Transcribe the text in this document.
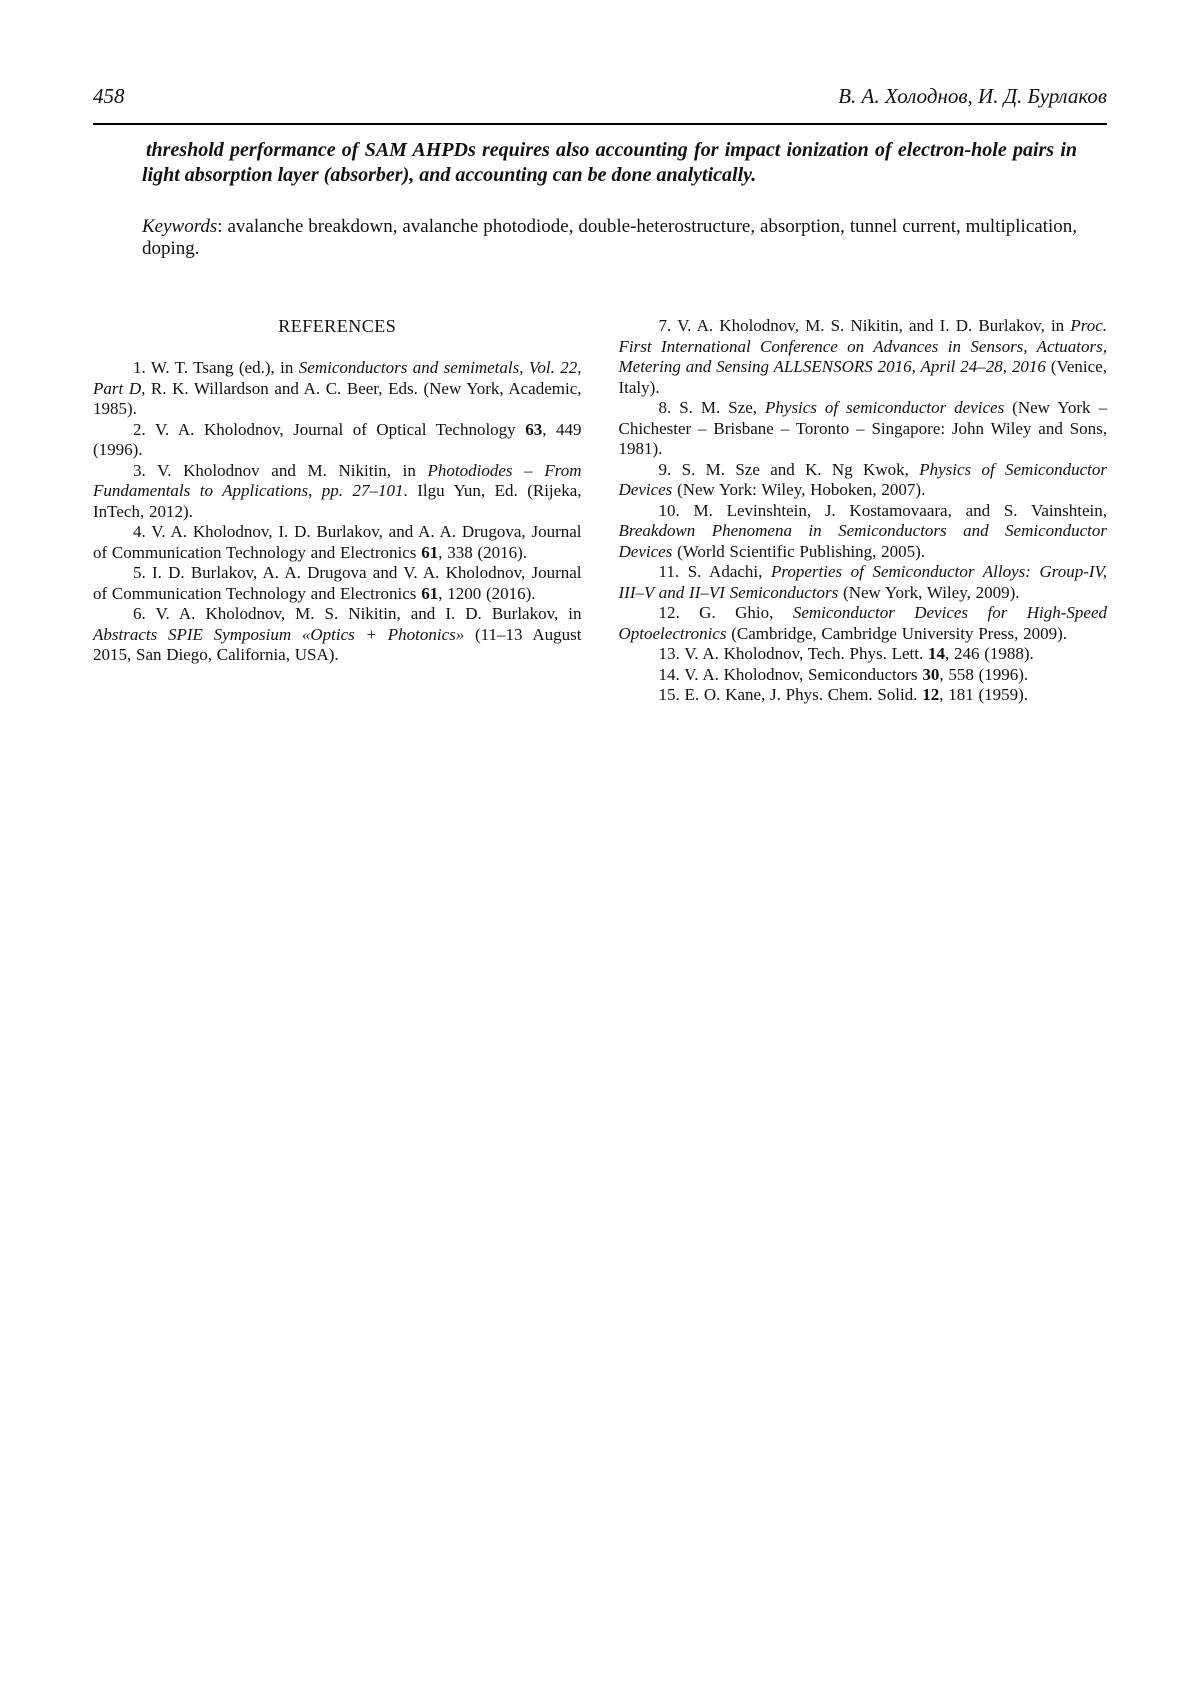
458	В. А. Холоднов, И. Д. Бурлаков

threshold performance of SAM AHPDs requires also accounting for impact ionization of electron-hole pairs in light absorption layer (absorber), and accounting can be done analytically.

Keywords: avalanche breakdown, avalanche photodiode, double-heterostructure, absorption, tunnel current, multiplication, doping.

REFERENCES

1. W. T. Tsang (ed.), in Semiconductors and semimetals, Vol. 22, Part D, R. K. Willardson and A. C. Beer, Eds. (New York, Academic, 1985).

2. V. A. Kholodnov, Journal of Optical Technology 63, 449 (1996).

3. V. Kholodnov and M. Nikitin, in Photodiodes – From Fundamentals to Applications, pp. 27–101. Ilgu Yun, Ed. (Rijeka, InTech, 2012).

4. V. A. Kholodnov, I. D. Burlakov, and A. A. Drugova, Journal of Communication Technology and Electronics 61, 338 (2016).

5. I. D. Burlakov, A. A. Drugova and V. A. Kholodnov, Journal of Communication Technology and Electronics 61, 1200 (2016).

6. V. A. Kholodnov, M. S. Nikitin, and I. D. Burlakov, in Abstracts SPIE Symposium «Optics + Photonics» (11–13 August 2015, San Diego, California, USA).

7. V. A. Kholodnov, M. S. Nikitin, and I. D. Burlakov, in Proc. First International Conference on Advances in Sensors, Actuators, Metering and Sensing ALLSENSORS 2016, April 24–28, 2016 (Venice, Italy).

8. S. M. Sze, Physics of semiconductor devices (New York – Chichester – Brisbane – Toronto – Singapore: John Wiley and Sons, 1981).

9. S. M. Sze and K. Ng Kwok, Physics of Semiconductor Devices (New York: Wiley, Hoboken, 2007).

10. M. Levinshtein, J. Kostamovaara, and S. Vainshtein, Breakdown Phenomena in Semiconductors and Semiconductor Devices (World Scientific Publishing, 2005).

11. S. Adachi, Properties of Semiconductor Alloys: Group-IV, III–V and II–VI Semiconductors (New York, Wiley, 2009).

12. G. Ghio, Semiconductor Devices for High-Speed Optoelectronics (Cambridge, Cambridge University Press, 2009).

13. V. A. Kholodnov, Tech. Phys. Lett. 14, 246 (1988).

14. V. A. Kholodnov, Semiconductors 30, 558 (1996).

15. E. O. Kane, J. Phys. Chem. Solid. 12, 181 (1959).
